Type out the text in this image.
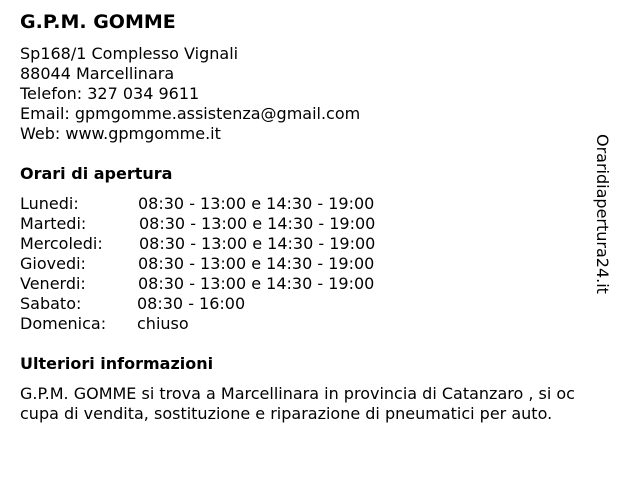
G.P.M. GOMME
Sp168/1 Complesso Vignali
88044 Marcellinara
Telefon: 327 034 9611
Email: gpmgomme.assistenza@gmail.com
Web: www.gpmgomme.it
Orari di apertura
Lunedi:	08:30 - 13:00 e 14:30 - 19:00
Martedi:	08:30 - 13:00 e 14:30 - 19:00
Mercoledi: 08:30 - 13:00 e 14:30 - 19:00
Giovedi:	08:30 - 13:00 e 14:30 - 19:00
Venerdi:	08:30 - 13:00 e 14:30 - 19:00
Sabato:	08:30 - 16:00
Domenica: chiuso
Ulteriori informazioni
G.P.M. GOMME si trova a Marcellinara in provincia di Catanzaro , si oc
cupa di vendita, sostituzione e riparazione di pneumatici per auto.
Oraridiapertura24.it
